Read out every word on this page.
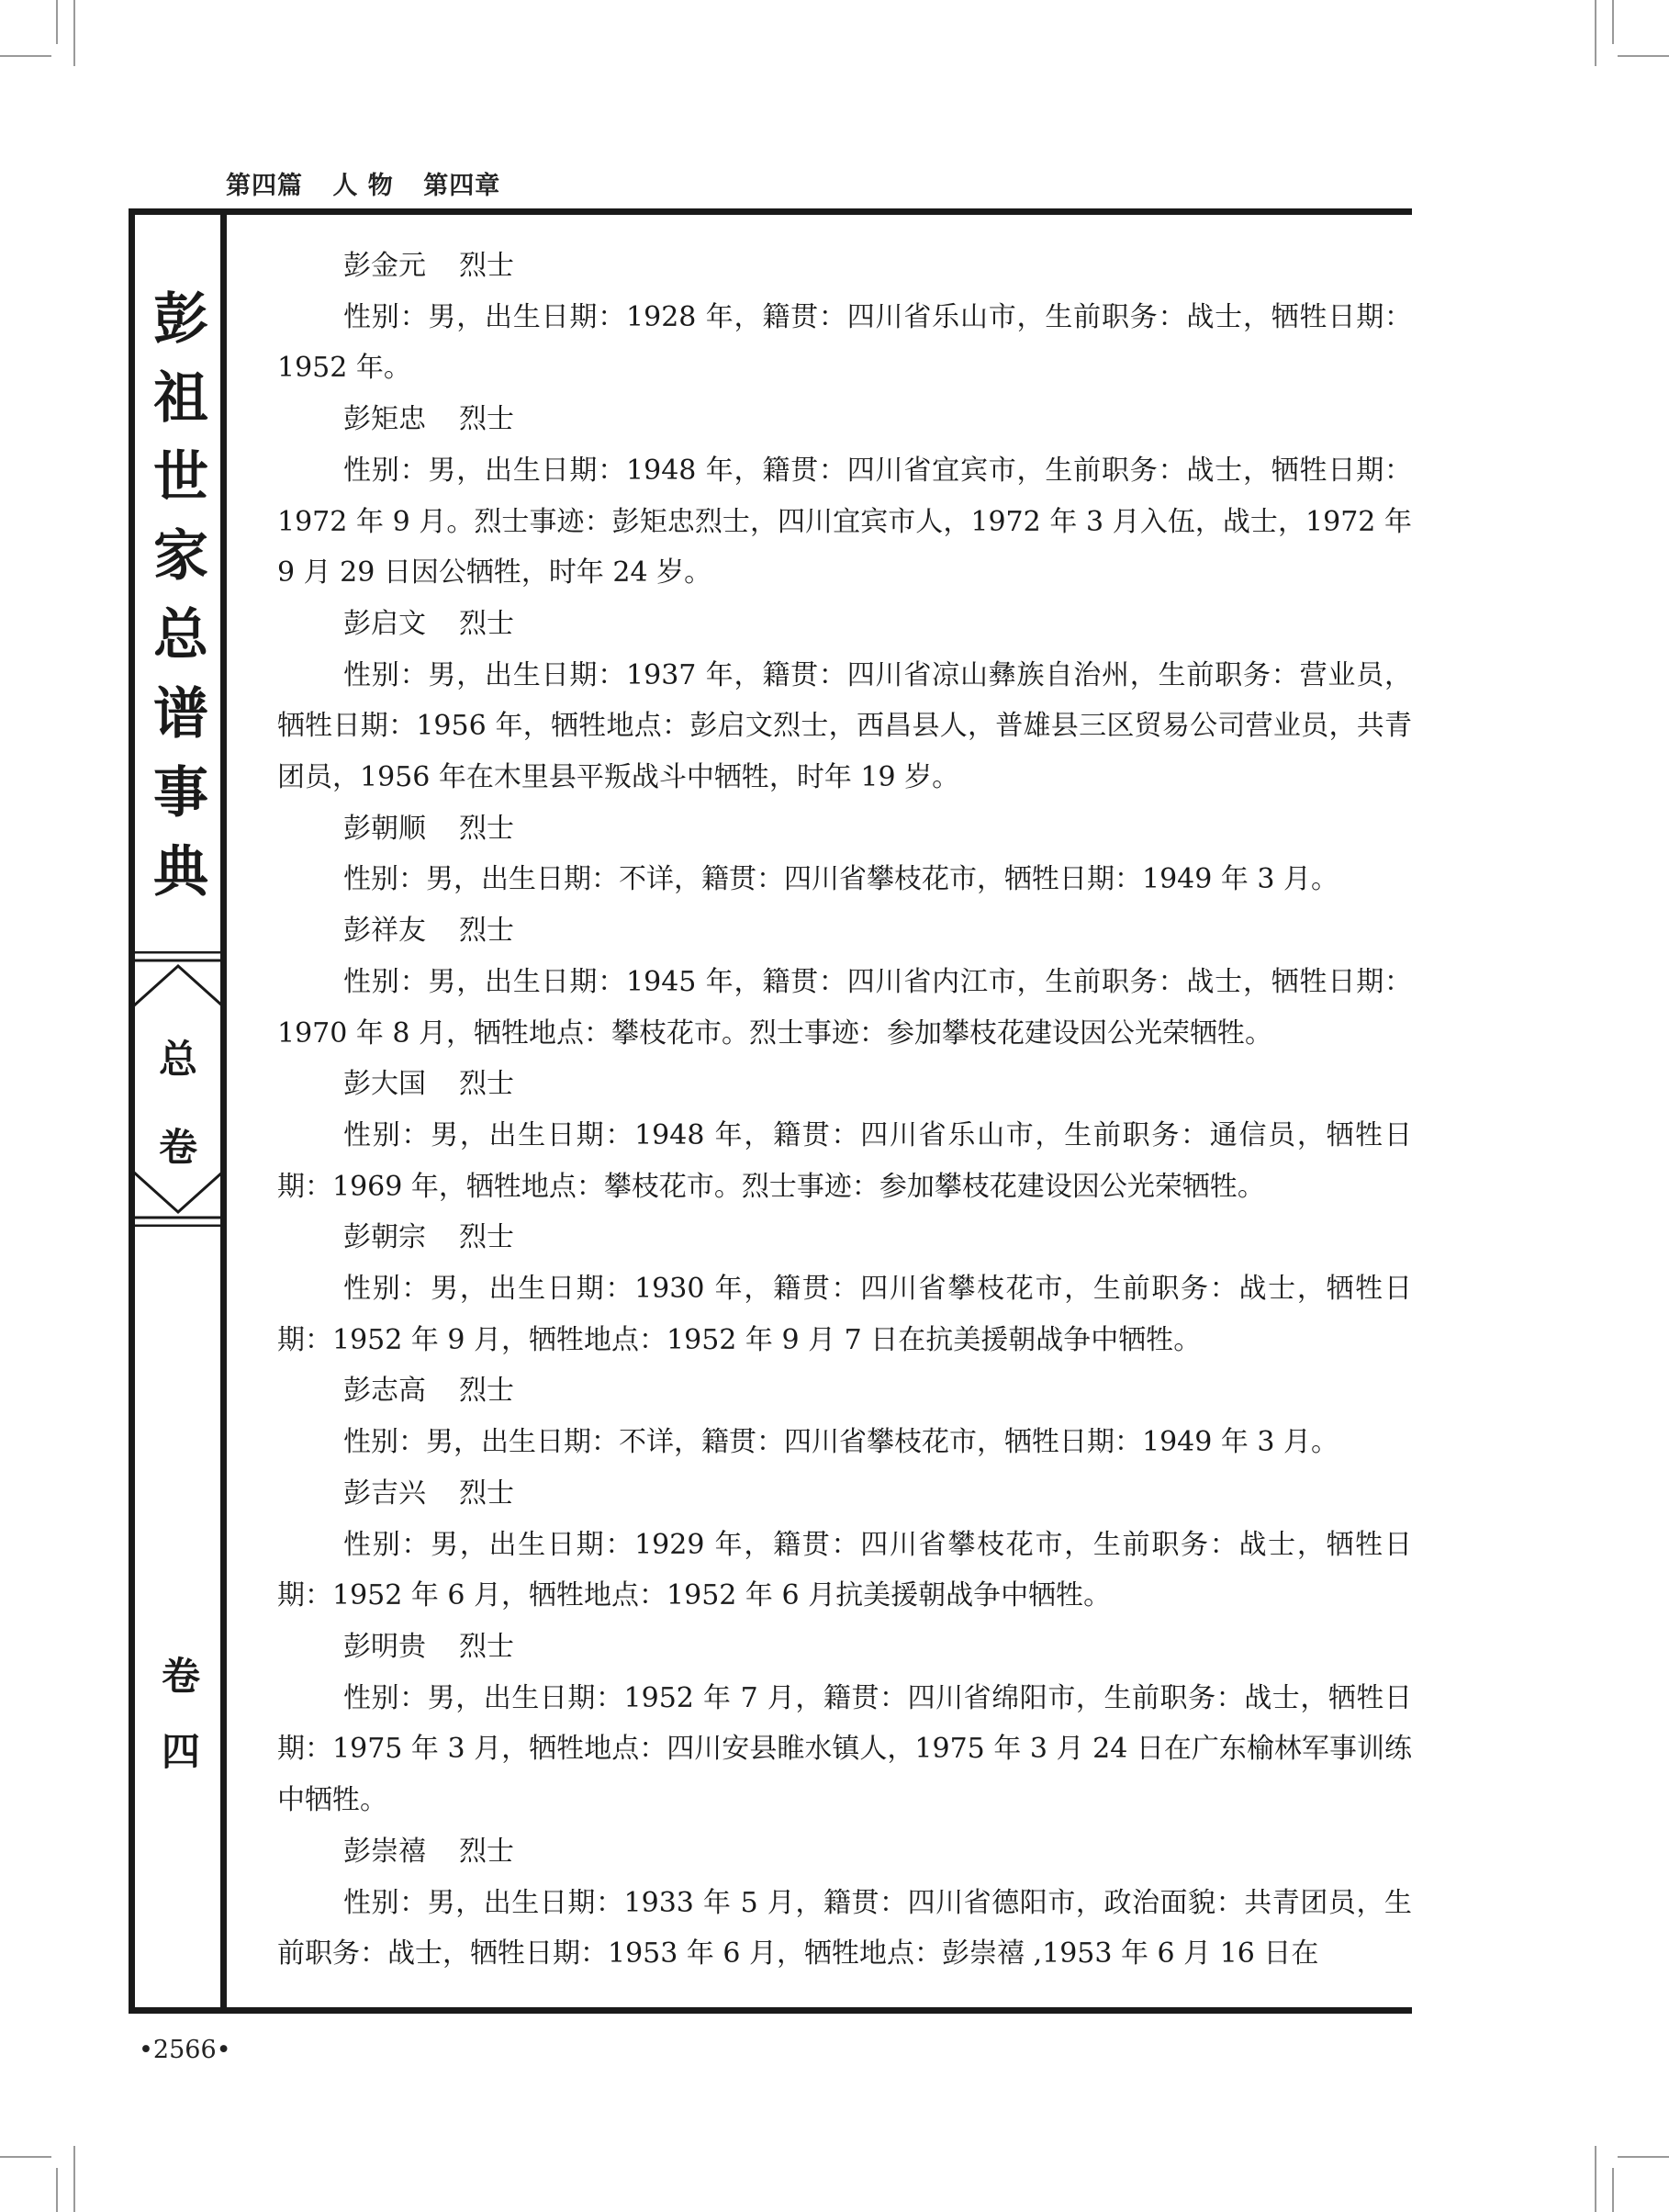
第四篇 人 物 第四章
彭
祖
世
家
总
谱
事
典
总
卷
卷
四
彭金元 烈士
性别：男，出生日期：1928 年，籍贯：四川省乐山市，生前职务：战士，牺牲日期：1952 年。
彭矩忠 烈士
性别：男，出生日期：1948 年，籍贯：四川省宜宾市，生前职务：战士，牺牲日期：1972 年 9 月。烈士事迹：彭矩忠烈士，四川宜宾市人，1972 年 3 月入伍，战士，1972 年 9 月 29 日因公牺牲，时年 24 岁。
彭启文 烈士
性别：男，出生日期：1937 年，籍贯：四川省凉山彝族自治州，生前职务：营业员，牺牲日期：1956 年，牺牲地点：彭启文烈士，西昌县人，普雄县三区贸易公司营业员，共青团员，1956 年在木里县平叛战斗中牺牲，时年 19 岁。
彭朝顺 烈士
性别：男，出生日期：不详，籍贯：四川省攀枝花市，牺牲日期：1949 年 3 月。
彭祥友 烈士
性别：男，出生日期：1945 年，籍贯：四川省内江市，生前职务：战士，牺牲日期：1970 年 8 月，牺牲地点：攀枝花市。烈士事迹：参加攀枝花建设因公光荣牺牲。
彭大国 烈士
性别：男，出生日期：1948 年，籍贯：四川省乐山市，生前职务：通信员，牺牲日期：1969 年，牺牲地点：攀枝花市。烈士事迹：参加攀枝花建设因公光荣牺牲。
彭朝宗 烈士
性别：男，出生日期：1930 年，籍贯：四川省攀枝花市，生前职务：战士，牺牲日期：1952 年 9 月，牺牲地点：1952 年 9 月 7 日在抗美援朝战争中牺牲。
彭志高 烈士
性别：男，出生日期：不详，籍贯：四川省攀枝花市，牺牲日期：1949 年 3 月。
彭吉兴 烈士
性别：男，出生日期：1929 年，籍贯：四川省攀枝花市，生前职务：战士，牺牲日期：1952 年 6 月，牺牲地点：1952 年 6 月抗美援朝战争中牺牲。
彭明贵 烈士
性别：男，出生日期：1952 年 7 月，籍贯：四川省绵阳市，生前职务：战士，牺牲日期：1975 年 3 月，牺牲地点：四川安县睢水镇人，1975 年 3 月 24 日在广东榆林军事训练中牺牲。
彭崇禧 烈士
性别：男，出生日期：1933 年 5 月，籍贯：四川省德阳市，政治面貌：共青团员，生前职务：战士，牺牲日期：1953 年 6 月，牺牲地点：彭崇禧 ,1953 年 6 月 16 日在
•2566•
